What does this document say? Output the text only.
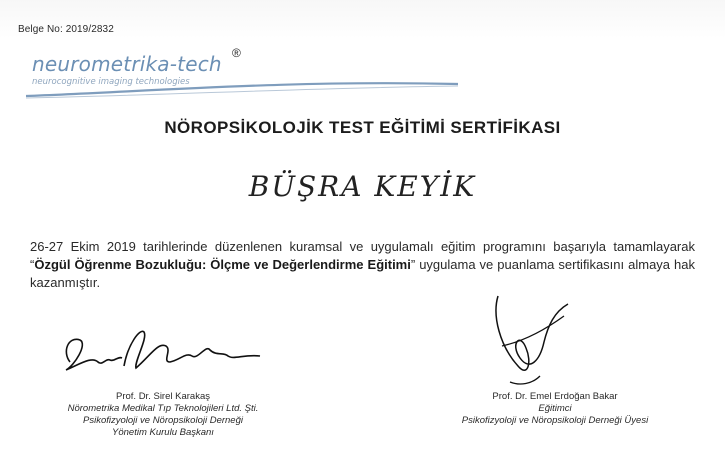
Belge No: 2019/2832
neurometrika-tech ®
neurocognitive imaging technologies
NÖROPSİKOLOJİK TEST EĞİTİMİ SERTİFİKASI
BÜŞRA KEYİK
26-27 Ekim 2019 tarihlerinde düzenlenen kuramsal ve uygulamalı eğitim programını başarıyla tamamlayarak “Özgül Öğrenme Bozukluğu: Ölçme ve Değerlendirme Eğitimi” uygulama ve puanlama sertifikasını almaya hak kazanmıştır.
Prof. Dr. Sirel Karakaş
Nörometrika Medikal Tıp Teknolojileri Ltd. Şti.
Psikofizyoloji ve Nöropsikoloji Derneği
Yönetim Kurulu Başkanı
Prof. Dr. Emel Erdoğan Bakar
Eğitimci
Psikofizyoloji ve Nöropsikoloji Derneği Üyesi
